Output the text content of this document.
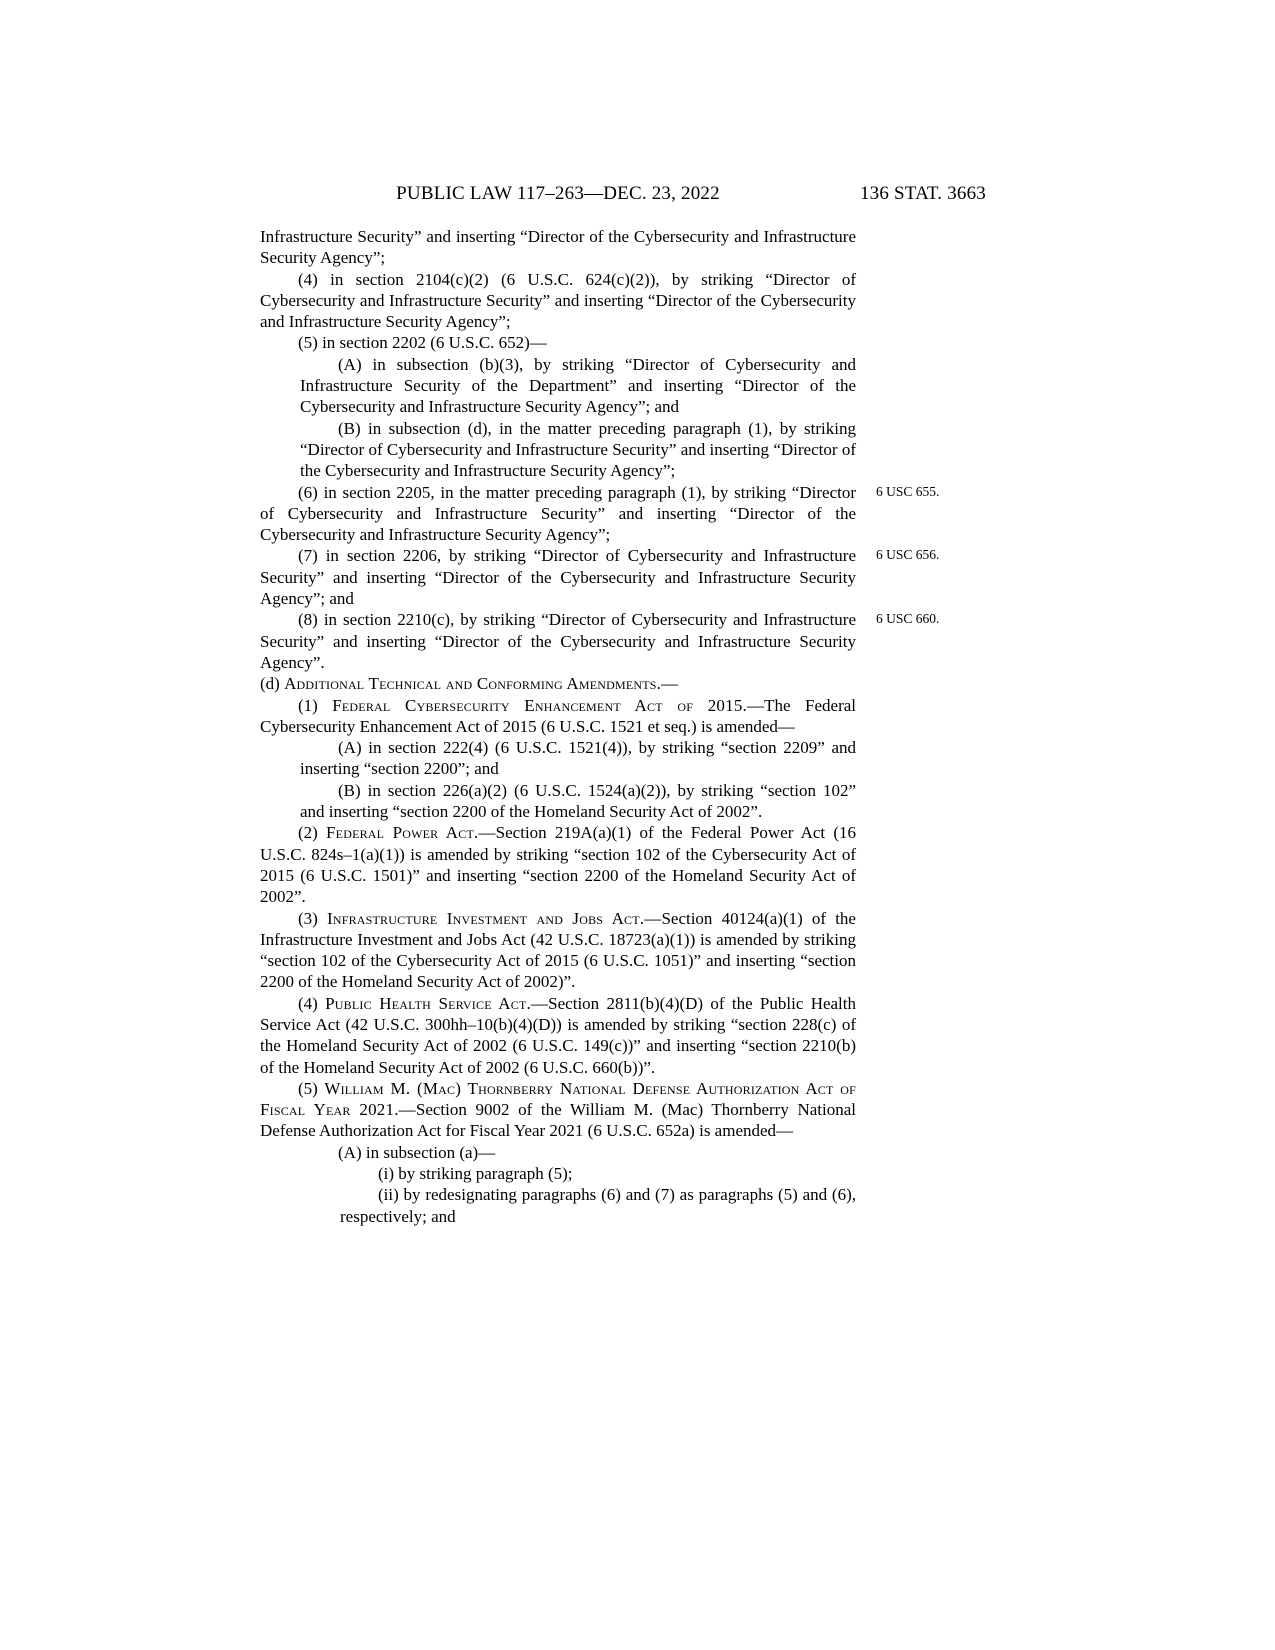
PUBLIC LAW 117–263—DEC. 23, 2022	136 STAT. 3663

Infrastructure Security” and inserting “Director of the Cybersecurity and Infrastructure Security Agency”;

(4) in section 2104(c)(2) (6 U.S.C. 624(c)(2)), by striking “Director of Cybersecurity and Infrastructure Security” and inserting “Director of the Cybersecurity and Infrastructure Security Agency”;

(5) in section 2202 (6 U.S.C. 652)—

(A) in subsection (b)(3), by striking “Director of Cybersecurity and Infrastructure Security of the Department” and inserting “Director of the Cybersecurity and Infrastructure Security Agency”; and

(B) in subsection (d), in the matter preceding paragraph (1), by striking “Director of Cybersecurity and Infrastructure Security” and inserting “Director of the Cybersecurity and Infrastructure Security Agency”;

(6) in section 2205, in the matter preceding paragraph (1), by striking “Director of Cybersecurity and Infrastructure Security” and inserting “Director of the Cybersecurity and Infrastructure Security Agency”;
6 USC 655.

(7) in section 2206, by striking “Director of Cybersecurity and Infrastructure Security” and inserting “Director of the Cybersecurity and Infrastructure Security Agency”; and
6 USC 656.

(8) in section 2210(c), by striking “Director of Cybersecurity and Infrastructure Security” and inserting “Director of the Cybersecurity and Infrastructure Security Agency”.
6 USC 660.

(d) Additional Technical and Conforming Amendments.—

(1) Federal Cybersecurity Enhancement Act of 2015.—The Federal Cybersecurity Enhancement Act of 2015 (6 U.S.C. 1521 et seq.) is amended—

(A) in section 222(4) (6 U.S.C. 1521(4)), by striking “section 2209” and inserting “section 2200”; and

(B) in section 226(a)(2) (6 U.S.C. 1524(a)(2)), by striking “section 102” and inserting “section 2200 of the Homeland Security Act of 2002”.

(2) Federal Power Act.—Section 219A(a)(1) of the Federal Power Act (16 U.S.C. 824s–1(a)(1)) is amended by striking “section 102 of the Cybersecurity Act of 2015 (6 U.S.C. 1501)” and inserting “section 2200 of the Homeland Security Act of 2002”.

(3) Infrastructure Investment and Jobs Act.—Section 40124(a)(1) of the Infrastructure Investment and Jobs Act (42 U.S.C. 18723(a)(1)) is amended by striking “section 102 of the Cybersecurity Act of 2015 (6 U.S.C. 1051)” and inserting “section 2200 of the Homeland Security Act of 2002)”.

(4) Public Health Service Act.—Section 2811(b)(4)(D) of the Public Health Service Act (42 U.S.C. 300hh–10(b)(4)(D)) is amended by striking “section 228(c) of the Homeland Security Act of 2002 (6 U.S.C. 149(c))” and inserting “section 2210(b) of the Homeland Security Act of 2002 (6 U.S.C. 660(b))”.

(5) William M. (Mac) Thornberry National Defense Authorization Act of Fiscal Year 2021.—Section 9002 of the William M. (Mac) Thornberry National Defense Authorization Act for Fiscal Year 2021 (6 U.S.C. 652a) is amended—

(A) in subsection (a)—

(i) by striking paragraph (5);

(ii) by redesignating paragraphs (6) and (7) as paragraphs (5) and (6), respectively; and
